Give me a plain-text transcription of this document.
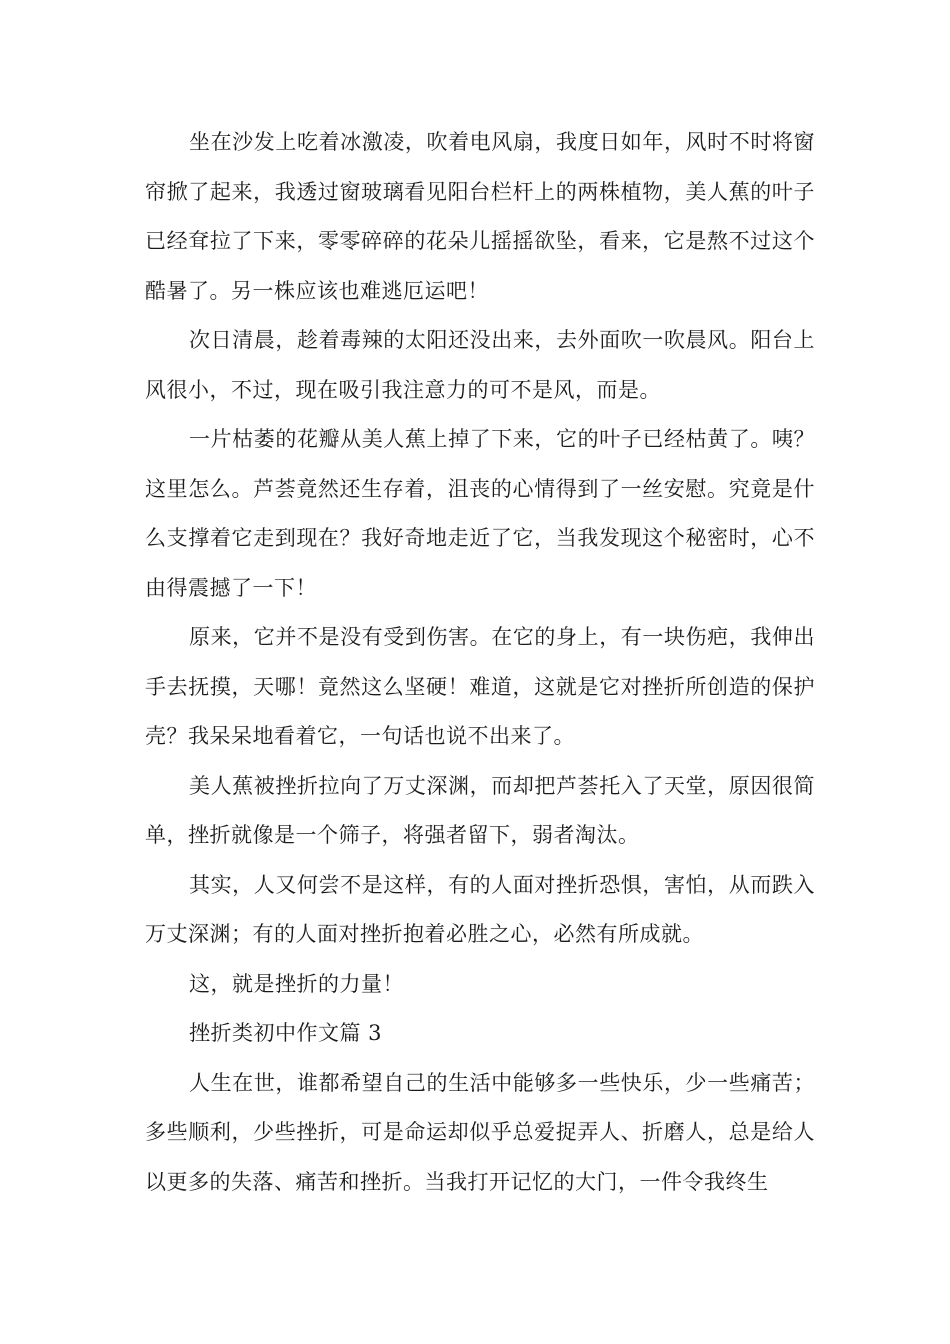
坐在沙发上吃着冰激凌，吹着电风扇，我度日如年，风时不时将窗帘掀了起来，我透过窗玻璃看见阳台栏杆上的两株植物，美人蕉的叶子已经耷拉了下来，零零碎碎的花朵儿摇摇欲坠，看来，它是熬不过这个酷暑了。另一株应该也难逃厄运吧！

次日清晨，趁着毒辣的太阳还没出来，去外面吹一吹晨风。阳台上风很小，不过，现在吸引我注意力的可不是风，而是。

一片枯萎的花瓣从美人蕉上掉了下来，它的叶子已经枯黄了。咦？这里怎么。芦荟竟然还生存着，沮丧的心情得到了一丝安慰。究竟是什么支撑着它走到现在？我好奇地走近了它，当我发现这个秘密时，心不由得震撼了一下！

原来，它并不是没有受到伤害。在它的身上，有一块伤疤，我伸出手去抚摸，天哪！竟然这么坚硬！难道，这就是它对挫折所创造的保护壳？我呆呆地看着它，一句话也说不出来了。

美人蕉被挫折拉向了万丈深渊，而却把芦荟托入了天堂，原因很简单，挫折就像是一个筛子，将强者留下，弱者淘汰。

其实，人又何尝不是这样，有的人面对挫折恐惧，害怕，从而跌入万丈深渊；有的人面对挫折抱着必胜之心，必然有所成就。

这，就是挫折的力量！

挫折类初中作文篇 3

人生在世，谁都希望自己的生活中能够多一些快乐，少一些痛苦；多些顺利，少些挫折，可是命运却似乎总爱捉弄人、折磨人，总是给人以更多的失落、痛苦和挫折。当我打开记忆的大门，一件令我终生
